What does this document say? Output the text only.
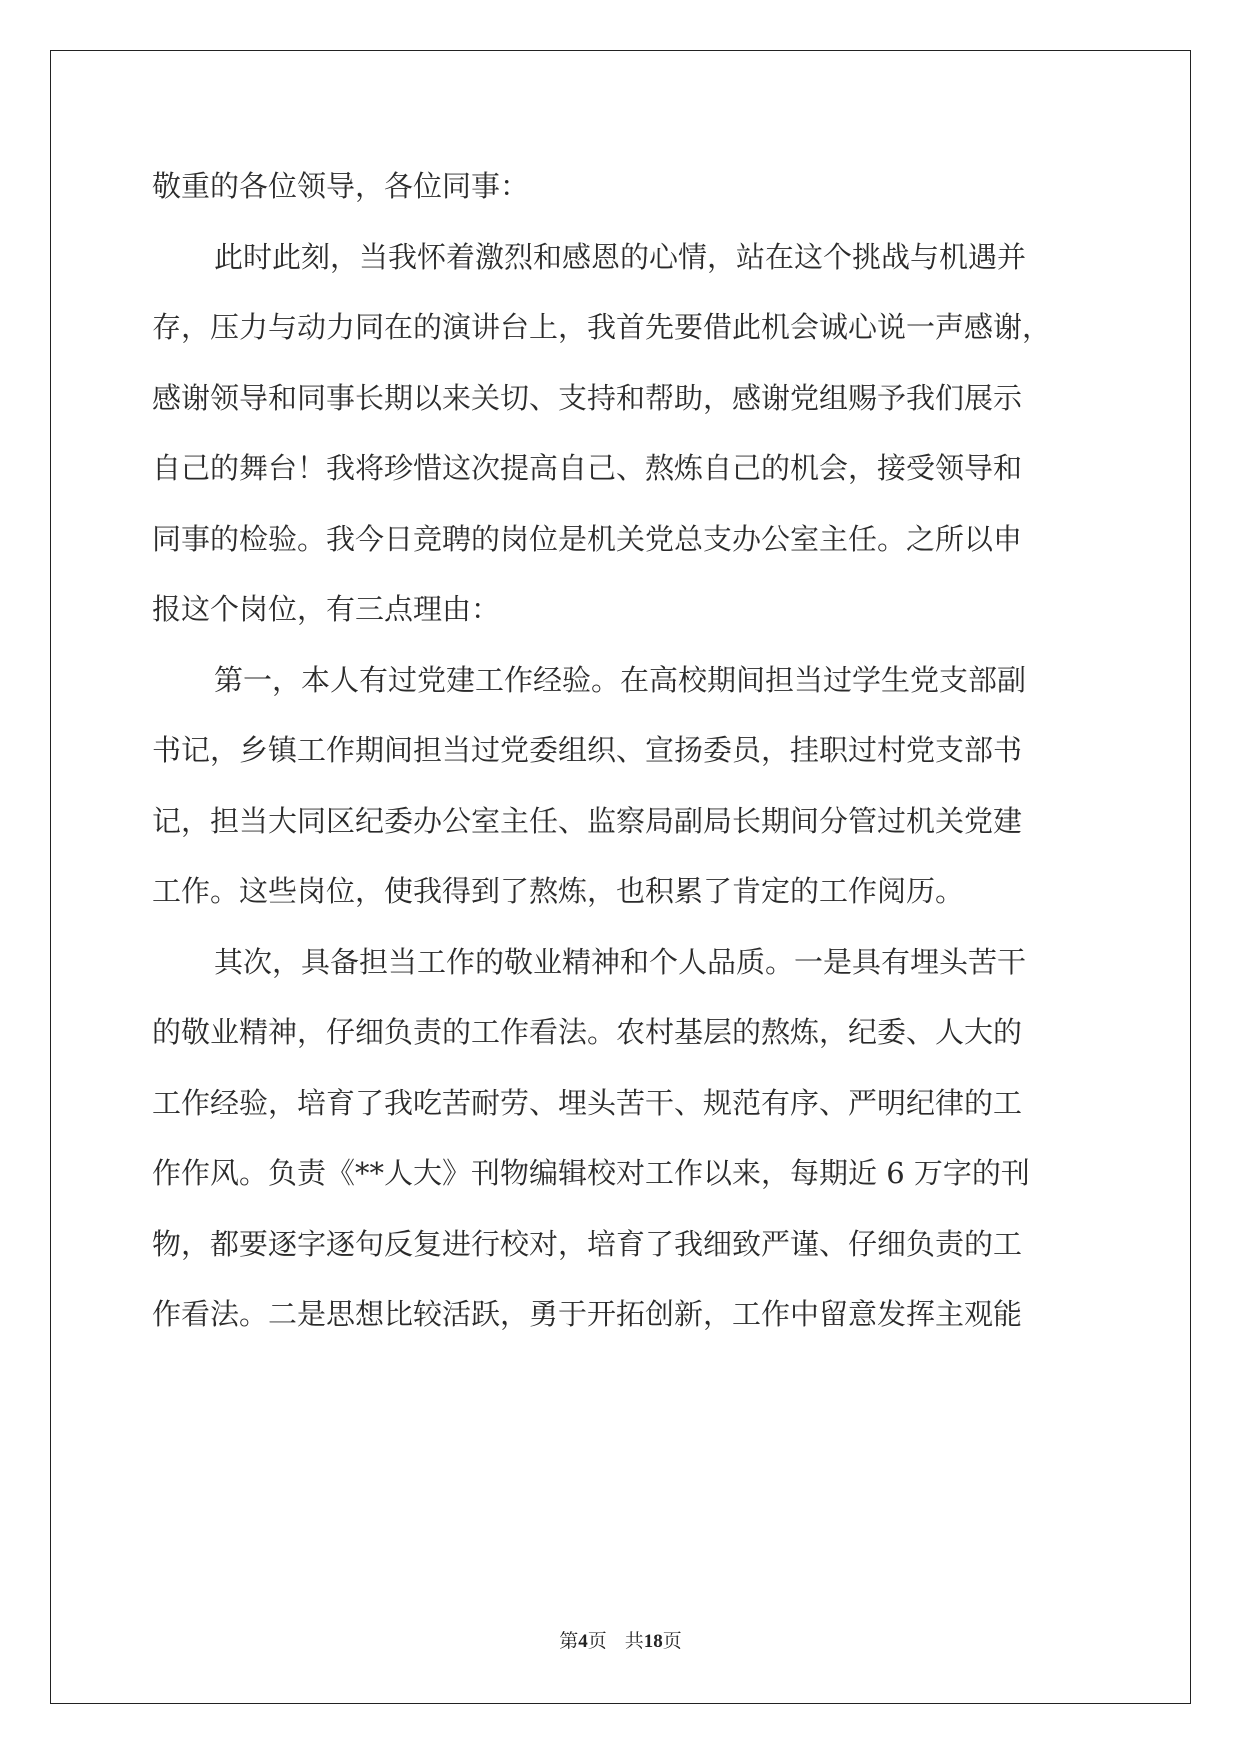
敬重的各位领导，各位同事：
此时此刻，当我怀着激烈和感恩的心情，站在这个挑战与机遇并
存，压力与动力同在的演讲台上，我首先要借此机会诚心说一声感谢，
感谢领导和同事长期以来关切、支持和帮助，感谢党组赐予我们展示
自己的舞台！我将珍惜这次提高自己、熬炼自己的机会，接受领导和
同事的检验。我今日竞聘的岗位是机关党总支办公室主任。之所以申
报这个岗位，有三点理由：
第一，本人有过党建工作经验。在高校期间担当过学生党支部副
书记，乡镇工作期间担当过党委组织、宣扬委员，挂职过村党支部书
记，担当大同区纪委办公室主任、监察局副局长期间分管过机关党建
工作。这些岗位，使我得到了熬炼，也积累了肯定的工作阅历。
其次，具备担当工作的敬业精神和个人品质。一是具有埋头苦干
的敬业精神，仔细负责的工作看法。农村基层的熬炼，纪委、人大的
工作经验，培育了我吃苦耐劳、埋头苦干、规范有序、严明纪律的工
作作风。负责《**人大》刊物编辑校对工作以来，每期近 6 万字的刊
物，都要逐字逐句反复进行校对，培育了我细致严谨、仔细负责的工
作看法。二是思想比较活跃，勇于开拓创新，工作中留意发挥主观能
第4页 共18页
